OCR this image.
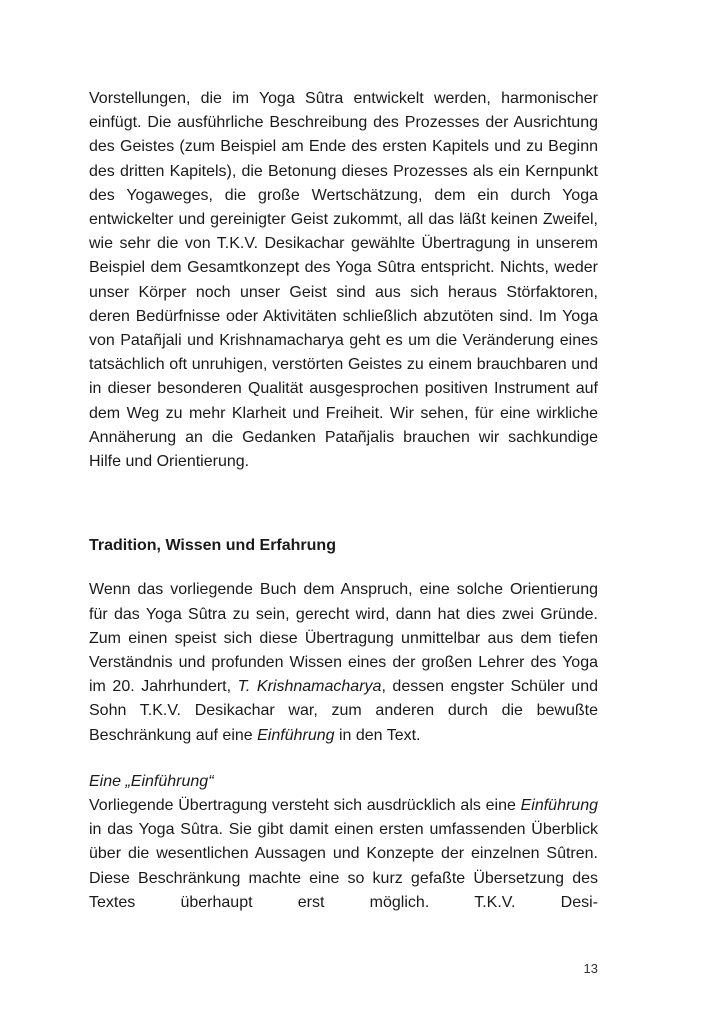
Vorstellungen, die im Yoga Sûtra entwickelt werden, harmonischer einfügt. Die ausführliche Beschreibung des Prozesses der Ausrichtung des Geistes (zum Beispiel am Ende des ersten Kapitels und zu Beginn des dritten Kapitels), die Betonung dieses Prozesses als ein Kernpunkt des Yogaweges, die große Wertschätzung, dem ein durch Yoga entwickelter und gereinigter Geist zukommt, all das läßt keinen Zweifel, wie sehr die von T.K.V. Desikachar gewählte Übertragung in unserem Beispiel dem Gesamtkonzept des Yoga Sûtra entspricht. Nichts, weder unser Körper noch unser Geist sind aus sich heraus Störfaktoren, deren Bedürfnisse oder Aktivitäten schließlich abzutöten sind. Im Yoga von Patañjali und Krishnamacharya geht es um die Veränderung eines tatsächlich oft unruhigen, verstörten Geistes zu einem brauchbaren und in dieser besonderen Qualität ausgesprochen positiven Instrument auf dem Weg zu mehr Klarheit und Freiheit. Wir sehen, für eine wirkliche Annäherung an die Gedanken Patañjalis brauchen wir sachkundige Hilfe und Orientierung.

Tradition, Wissen und Erfahrung

Wenn das vorliegende Buch dem Anspruch, eine solche Orientierung für das Yoga Sûtra zu sein, gerecht wird, dann hat dies zwei Gründe. Zum einen speist sich diese Übertragung unmittelbar aus dem tiefen Verständnis und profunden Wissen eines der großen Lehrer des Yoga im 20. Jahrhundert, T. Krishnamacharya, dessen engster Schüler und Sohn T.K.V. Desikachar war, zum anderen durch die bewußte Beschränkung auf eine Einführung in den Text.

Eine „Einführung“

Vorliegende Übertragung versteht sich ausdrücklich als eine Einführung in das Yoga Sûtra. Sie gibt damit einen ersten umfassenden Überblick über die wesentlichen Aussagen und Konzepte der einzelnen Sûtren. Diese Beschränkung machte eine so kurz gefaßte Übersetzung des Textes überhaupt erst möglich. T.K.V. Desi-

13
